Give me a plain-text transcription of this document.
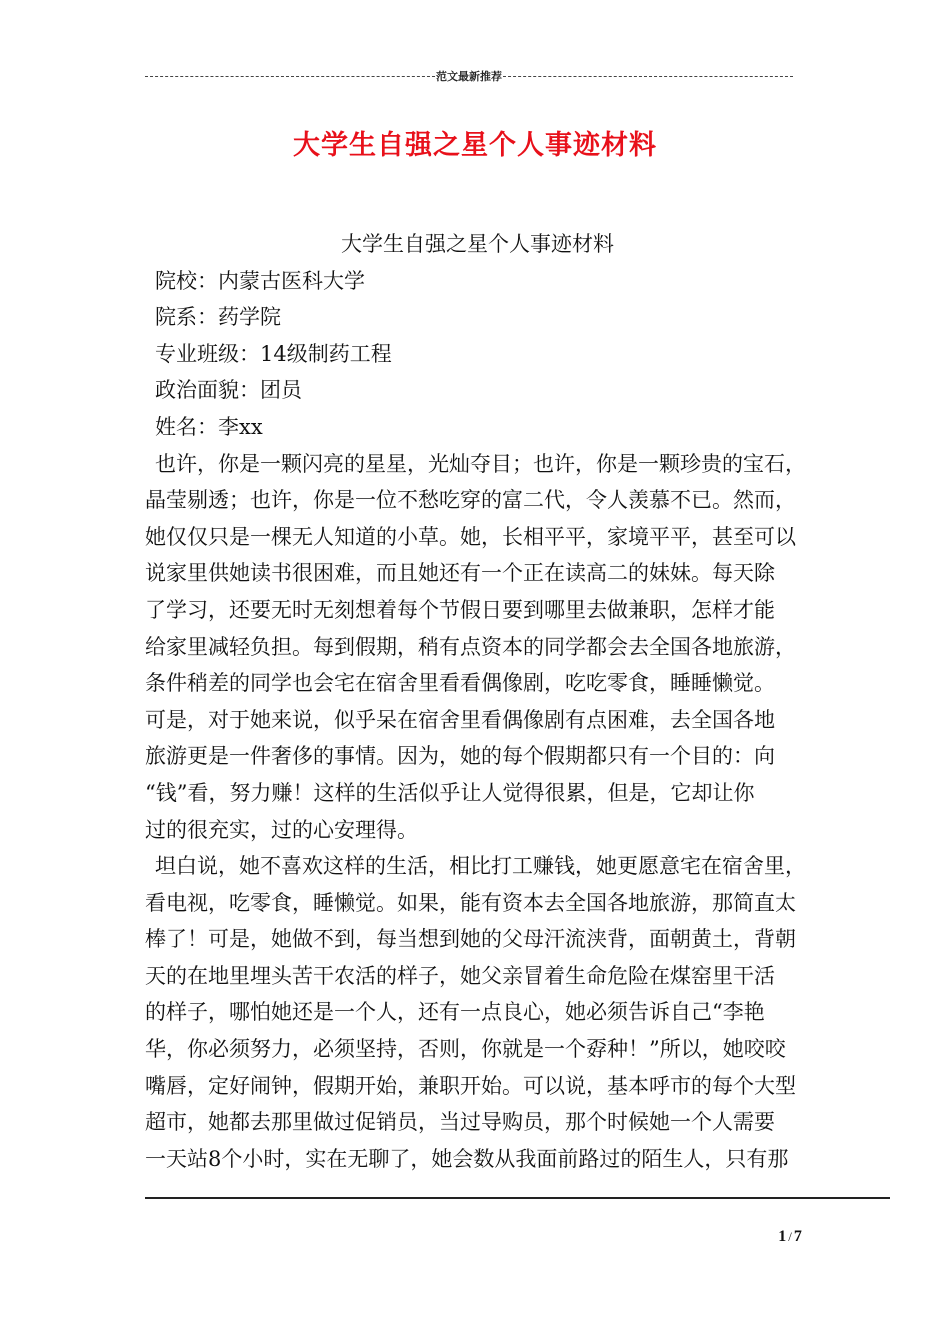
范文最新推荐
大学生自强之星个人事迹材料
大学生自强之星个人事迹材料
院校：内蒙古医科大学
院系：药学院
专业班级：14级制药工程
政治面貌：团员
姓名：李xx
也许，你是一颗闪亮的星星，光灿夺目；也许，你是一颗珍贵的宝石，
晶莹剔透；也许，你是一位不愁吃穿的富二代，令人羡慕不已。然而，
她仅仅只是一棵无人知道的小草。她，长相平平，家境平平，甚至可以
说家里供她读书很困难，而且她还有一个正在读高二的妹妹。每天除
了学习，还要无时无刻想着每个节假日要到哪里去做兼职，怎样才能
给家里减轻负担。每到假期，稍有点资本的同学都会去全国各地旅游，
条件稍差的同学也会宅在宿舍里看看偶像剧，吃吃零食，睡睡懒觉。
可是，对于她来说，似乎呆在宿舍里看偶像剧有点困难，去全国各地
旅游更是一件奢侈的事情。因为，她的每个假期都只有一个目的：向
“钱”看，努力赚！这样的生活似乎让人觉得很累，但是，它却让你
过的很充实，过的心安理得。
坦白说，她不喜欢这样的生活，相比打工赚钱，她更愿意宅在宿舍里，
看电视，吃零食，睡懒觉。如果，能有资本去全国各地旅游，那简直太
棒了！可是，她做不到，每当想到她的父母汗流浃背，面朝黄土，背朝
天的在地里埋头苦干农活的样子，她父亲冒着生命危险在煤窑里干活
的样子，哪怕她还是一个人，还有一点良心，她必须告诉自己“李艳
华，你必须努力，必须坚持，否则，你就是一个孬种！”所以，她咬咬
嘴唇，定好闹钟，假期开始，兼职开始。可以说，基本呼市的每个大型
超市，她都去那里做过促销员，当过导购员，那个时候她一个人需要
一天站8个小时，实在无聊了，她会数从我面前路过的陌生人，只有那
1 / 7
